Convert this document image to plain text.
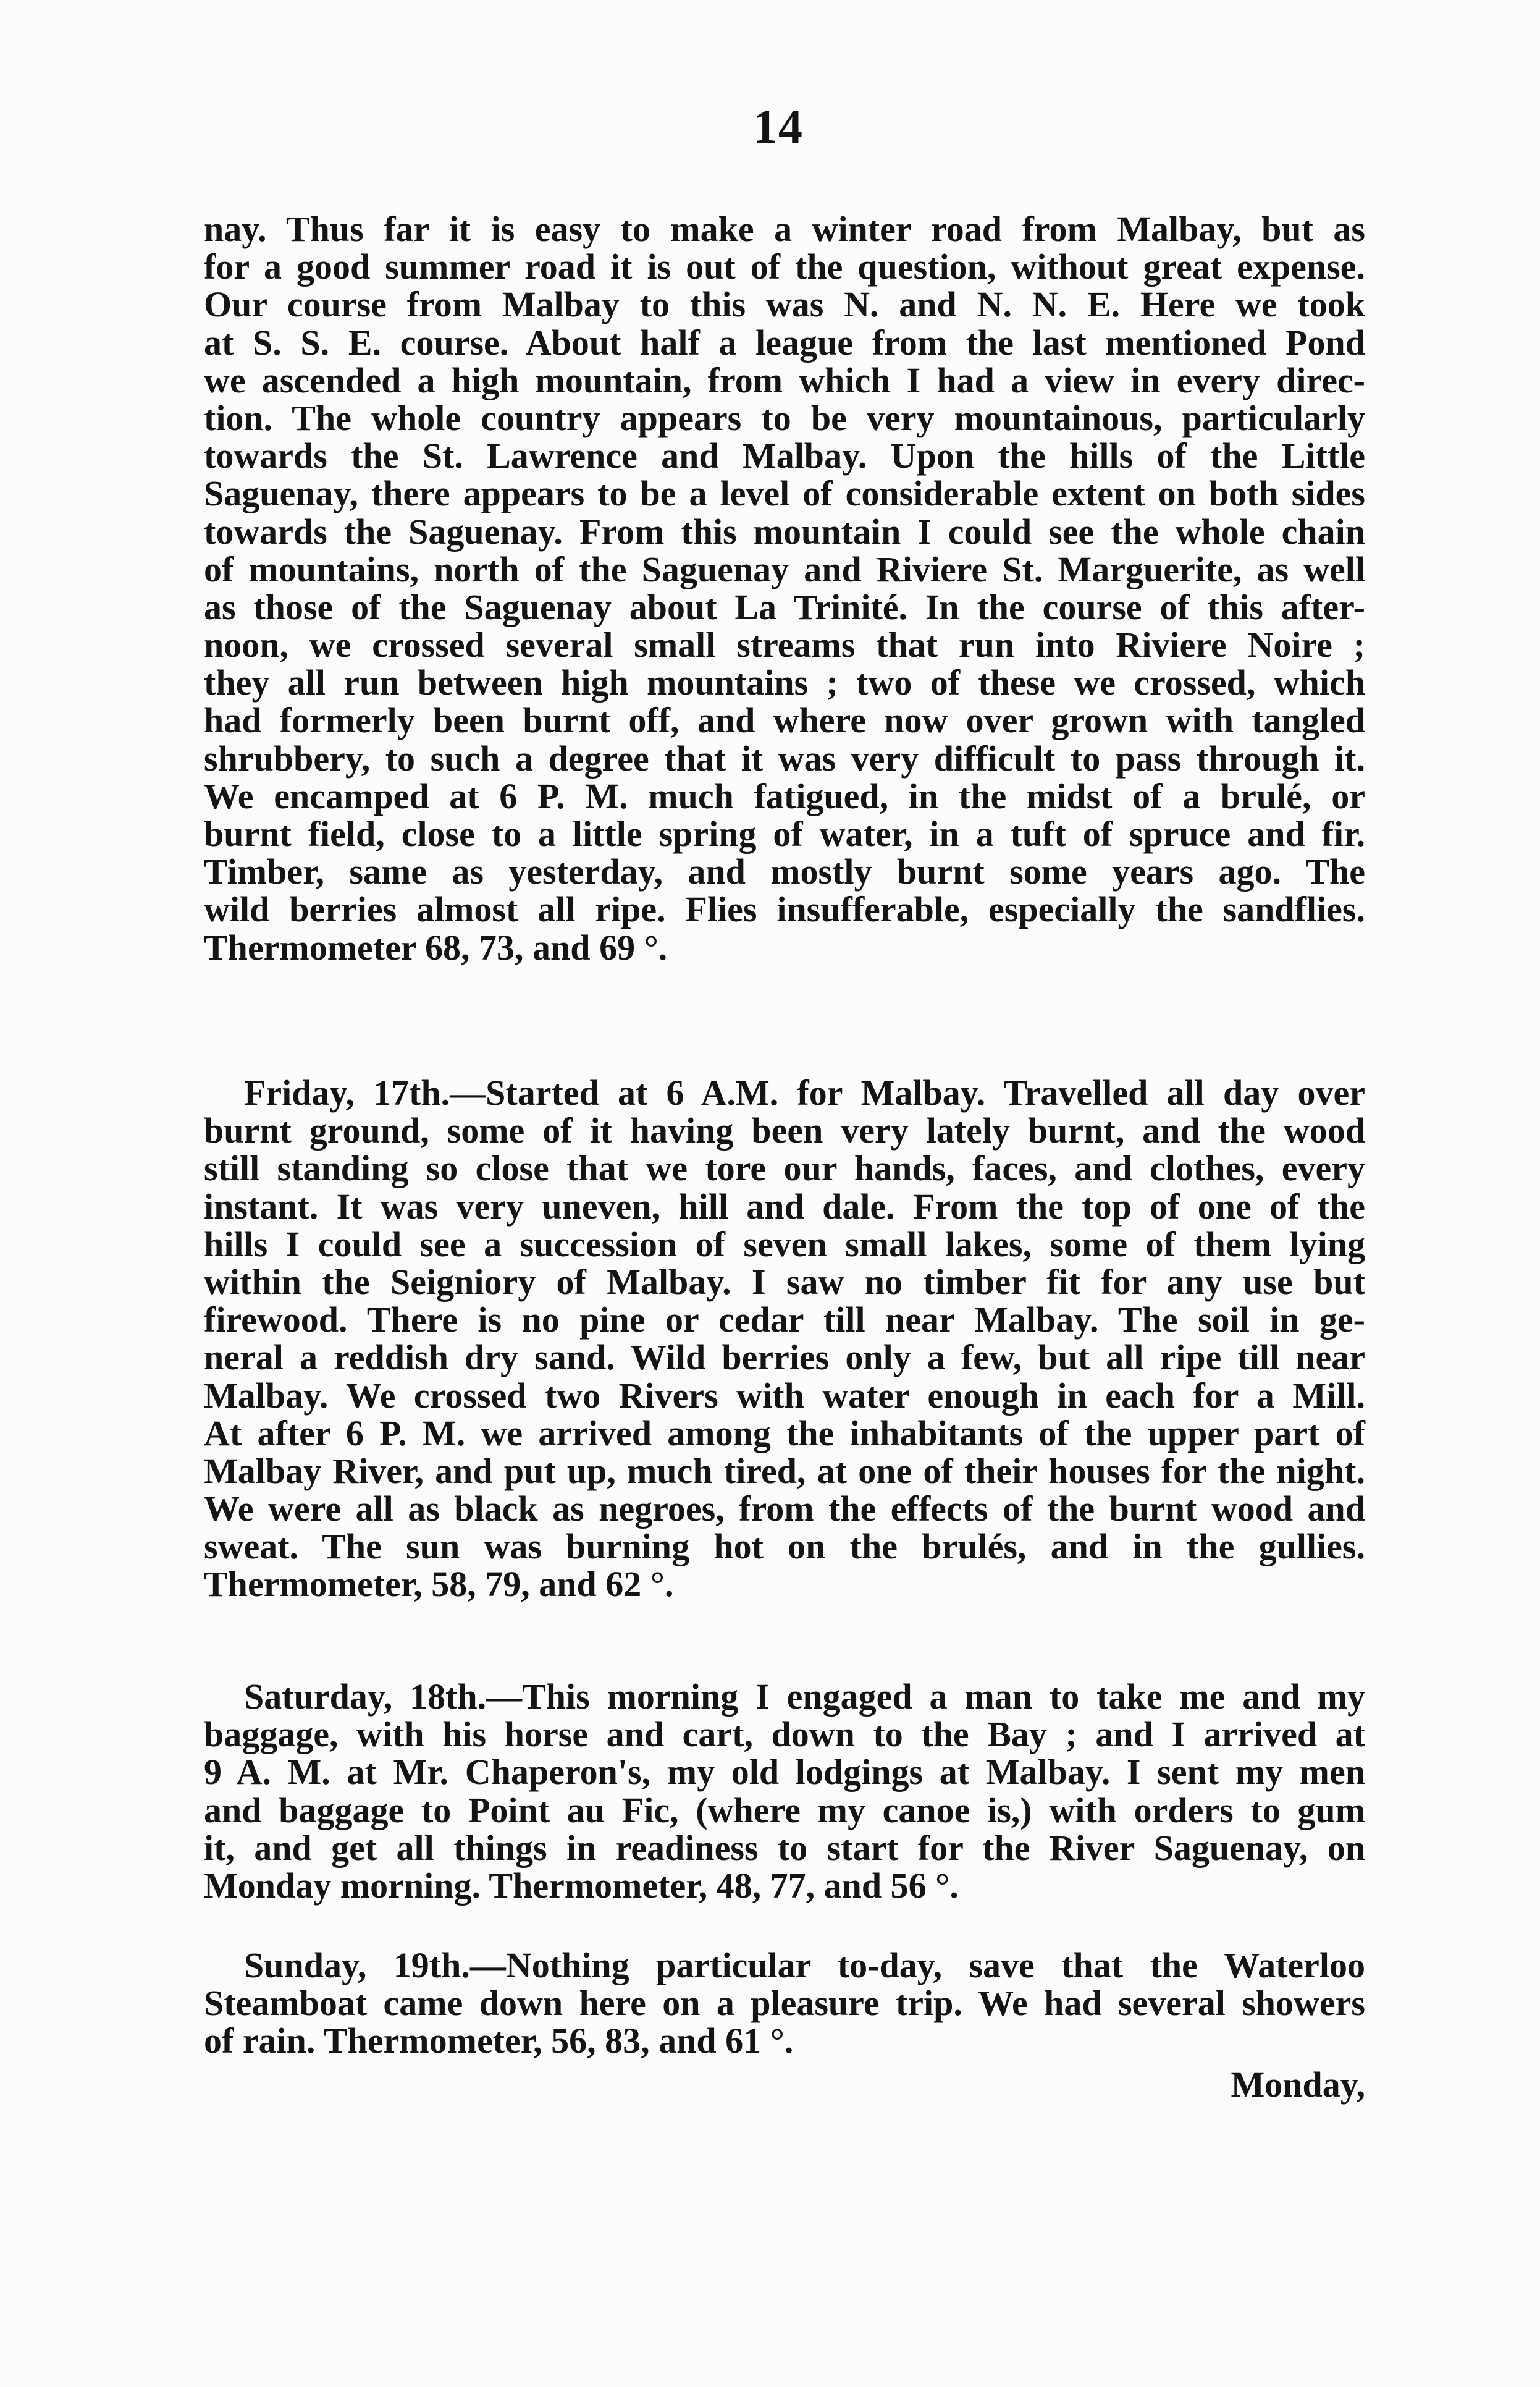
14
nay. Thus far it is easy to make a winter road from Malbay, but as
for a good summer road it is out of the question, without great expense.
Our course from Malbay to this was N. and N. N. E. Here we took
at S. S. E. course. About half a league from the last mentioned Pond
we ascended a high mountain, from which I had a view in every direc-
tion. The whole country appears to be very mountainous, particularly
towards the St. Lawrence and Malbay. Upon the hills of the Little
Saguenay, there appears to be a level of considerable extent on both sides
towards the Saguenay. From this mountain I could see the whole chain
of mountains, north of the Saguenay and Riviere St. Marguerite, as well
as those of the Saguenay about La Trinité. In the course of this after-
noon, we crossed several small streams that run into Riviere Noire ;
they all run between high mountains ; two of these we crossed, which
had formerly been burnt off, and where now over grown with tangled
shrubbery, to such a degree that it was very difficult to pass through it.
We encamped at 6 P. M. much fatigued, in the midst of a brulé, or
burnt field, close to a little spring of water, in a tuft of spruce and fir.
Timber, same as yesterday, and mostly burnt some years ago. The
wild berries almost all ripe. Flies insufferable, especially the sandflies.
Thermometer 68, 73, and 69 °.
Friday, 17th.—Started at 6 A.M. for Malbay. Travelled all day over
burnt ground, some of it having been very lately burnt, and the wood
still standing so close that we tore our hands, faces, and clothes, every
instant. It was very uneven, hill and dale. From the top of one of the
hills I could see a succession of seven small lakes, some of them lying
within the Seigniory of Malbay. I saw no timber fit for any use but
firewood. There is no pine or cedar till near Malbay. The soil in ge-
neral a reddish dry sand. Wild berries only a few, but all ripe till near
Malbay. We crossed two Rivers with water enough in each for a Mill.
At after 6 P. M. we arrived among the inhabitants of the upper part of
Malbay River, and put up, much tired, at one of their houses for the night.
We were all as black as negroes, from the effects of the burnt wood and
sweat. The sun was burning hot on the brulés, and in the gullies.
Thermometer, 58, 79, and 62 °.
Saturday, 18th.—This morning I engaged a man to take me and my
baggage, with his horse and cart, down to the Bay ; and I arrived at
9 A. M. at Mr. Chaperon's, my old lodgings at Malbay. I sent my men
and baggage to Point au Fic, (where my canoe is,) with orders to gum
it, and get all things in readiness to start for the River Saguenay, on
Monday morning. Thermometer, 48, 77, and 56 °.
Sunday, 19th.—Nothing particular to-day, save that the Waterloo
Steamboat came down here on a pleasure trip. We had several showers
of rain. Thermometer, 56, 83, and 61 °.
Monday,
